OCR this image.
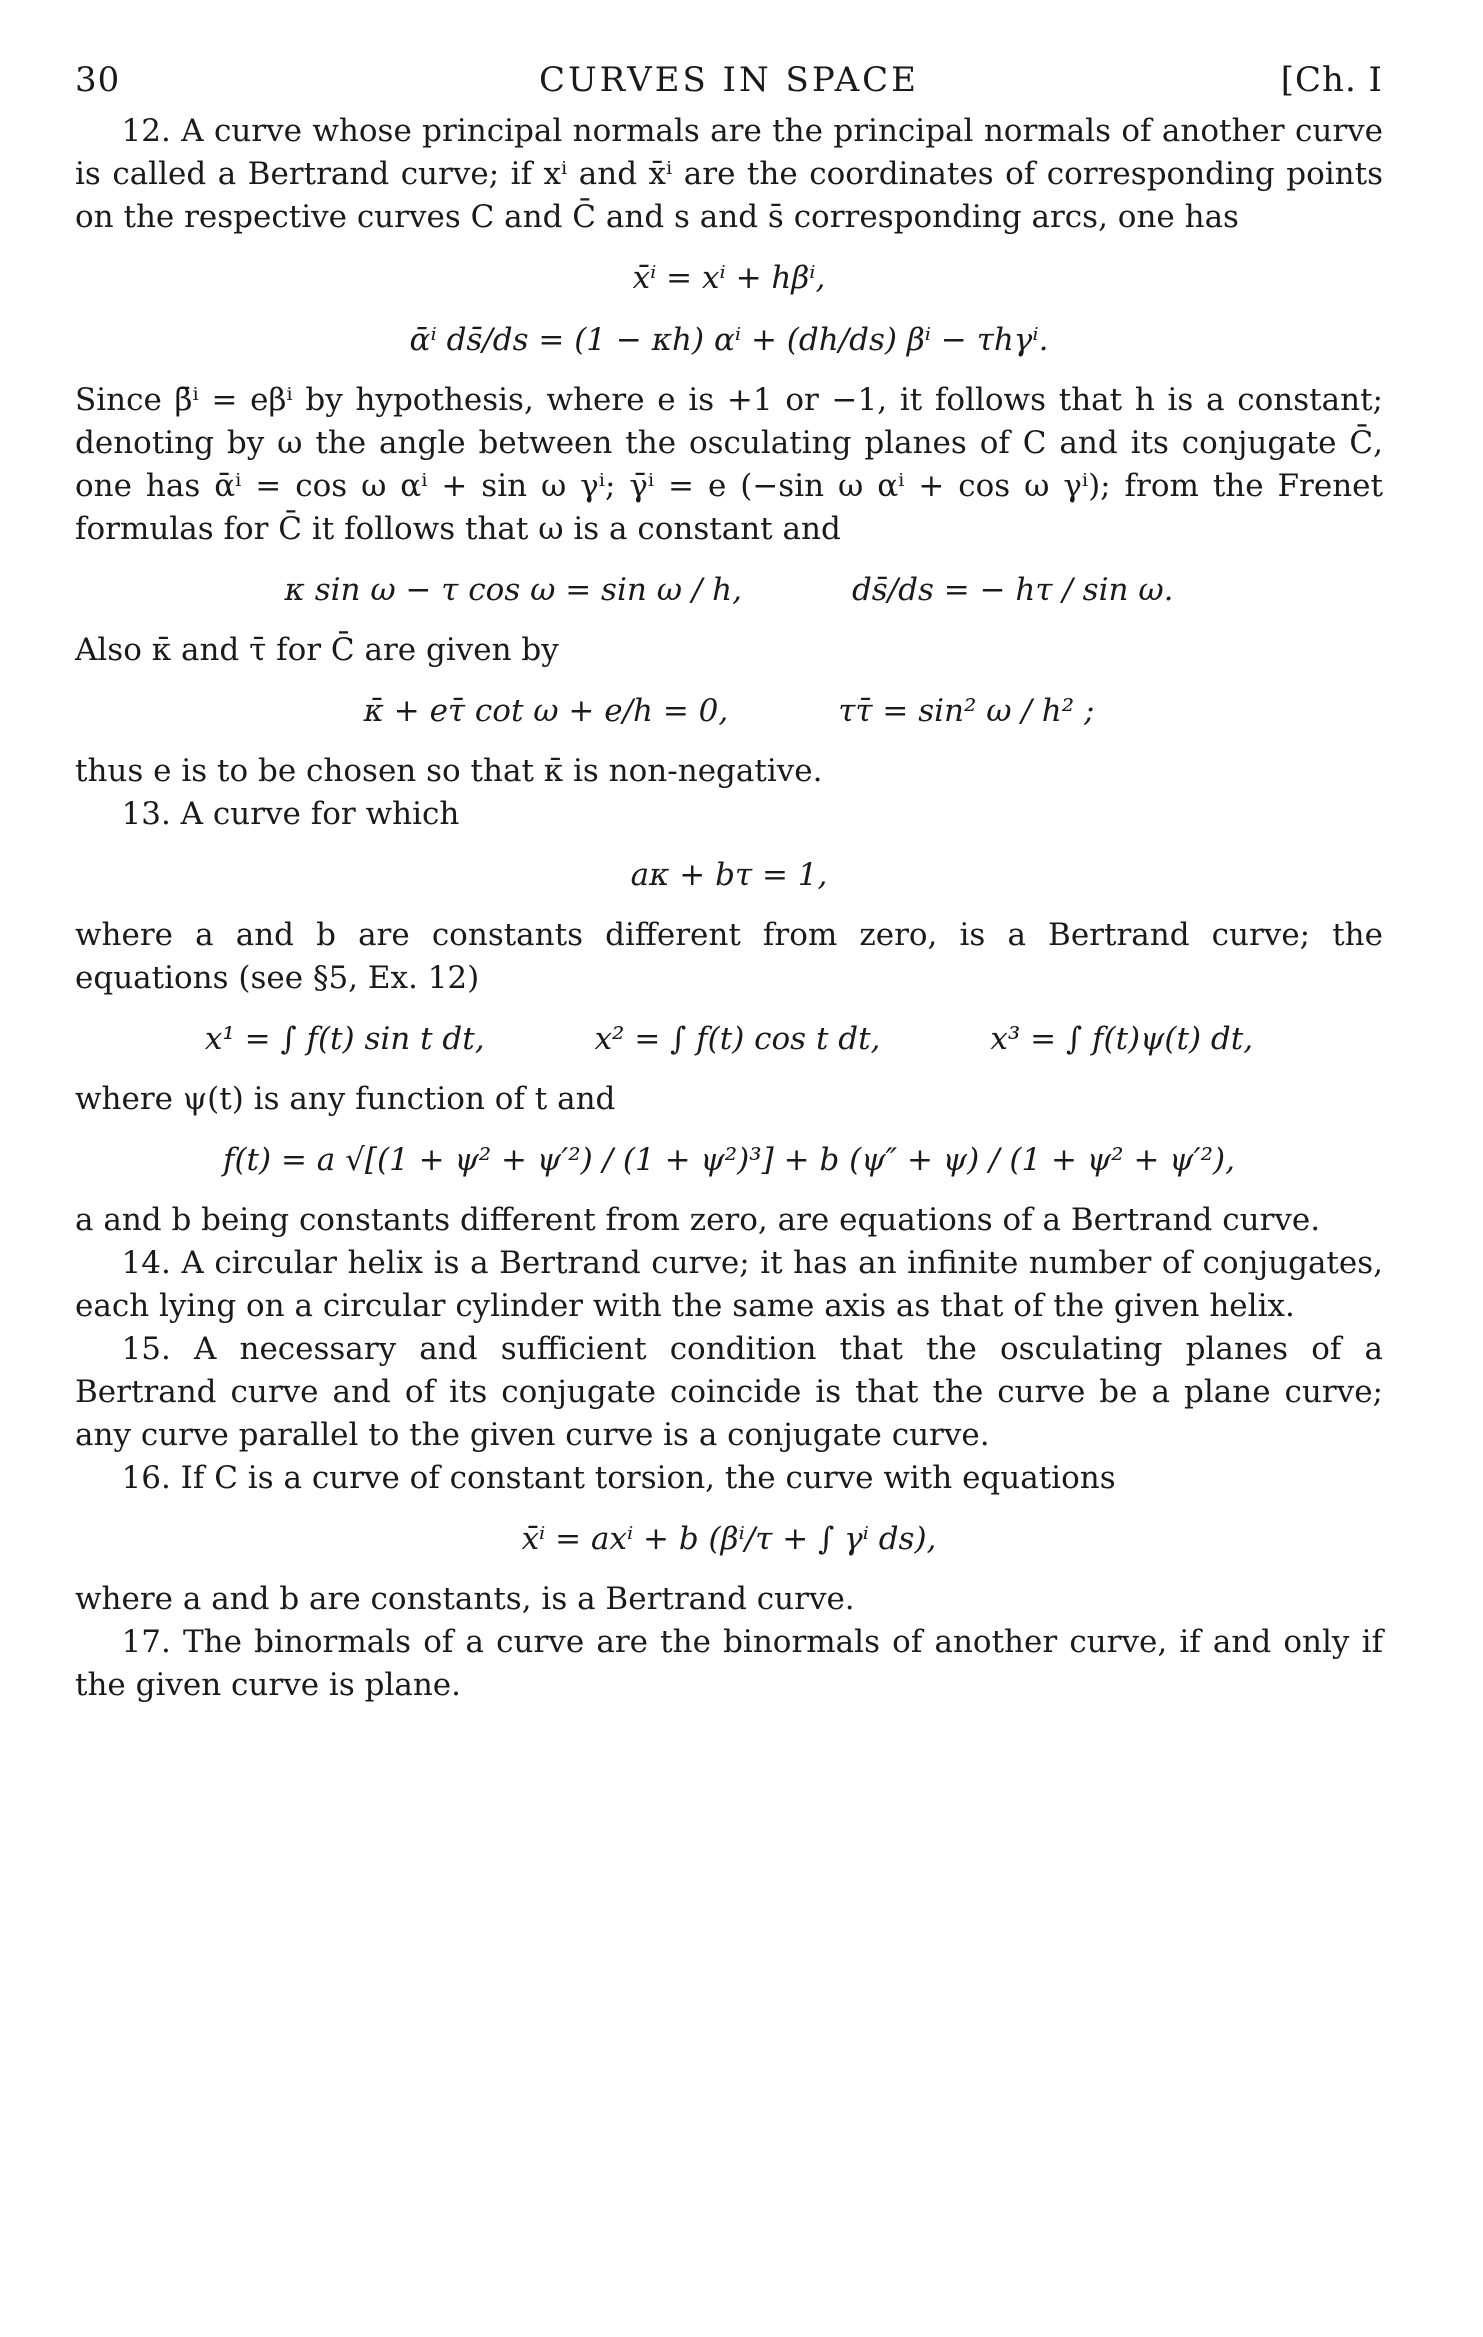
30	CURVES IN SPACE	[Ch. I

12. A curve whose principal normals are the principal normals of another curve is called a Bertrand curve; if xⁱ and x̄ⁱ are the coordinates of corresponding points on the respective curves C and C̄ and s and s̄ corresponding arcs, one has

x̄ⁱ = xⁱ + hβⁱ,
ᾱⁱ ds̄/ds = (1 − κh) αⁱ + (dh/ds) βⁱ − τhγⁱ.

Since β̄ⁱ = eβⁱ by hypothesis, where e is +1 or −1, it follows that h is a constant; denoting by ω the angle between the osculating planes of C and its conjugate C̄, one has ᾱⁱ = cos ω αⁱ + sin ω γⁱ; γ̄ⁱ = e (−sin ω αⁱ + cos ω γⁱ); from the Frenet formulas for C̄ it follows that ω is a constant and

κ sin ω − τ cos ω = sin ω / h,	ds̄/ds = − hτ / sin ω.

Also κ̄ and τ̄ for C̄ are given by

κ̄ + eτ̄ cot ω + e/h = 0,	ττ̄ = sin² ω / h² ;

thus e is to be chosen so that κ̄ is non-negative.

13. A curve for which

aκ + bτ = 1,

where a and b are constants different from zero, is a Bertrand curve; the equations (see §5, Ex. 12)

x¹ = ∫ f(t) sin t dt,	x² = ∫ f(t) cos t dt,	x³ = ∫ f(t)ψ(t) dt,

where ψ(t) is any function of t and

f(t) = a √[(1 + ψ² + ψ′²) / (1 + ψ²)³] + b (ψ″ + ψ) / (1 + ψ² + ψ′²),

a and b being constants different from zero, are equations of a Bertrand curve.

14. A circular helix is a Bertrand curve; it has an infinite number of conjugates, each lying on a circular cylinder with the same axis as that of the given helix.

15. A necessary and sufficient condition that the osculating planes of a Bertrand curve and of its conjugate coincide is that the curve be a plane curve; any curve parallel to the given curve is a conjugate curve.

16. If C is a curve of constant torsion, the curve with equations

x̄ⁱ = axⁱ + b (βⁱ/τ + ∫ γⁱ ds),

where a and b are constants, is a Bertrand curve.

17. The binormals of a curve are the binormals of another curve, if and only if the given curve is plane.
